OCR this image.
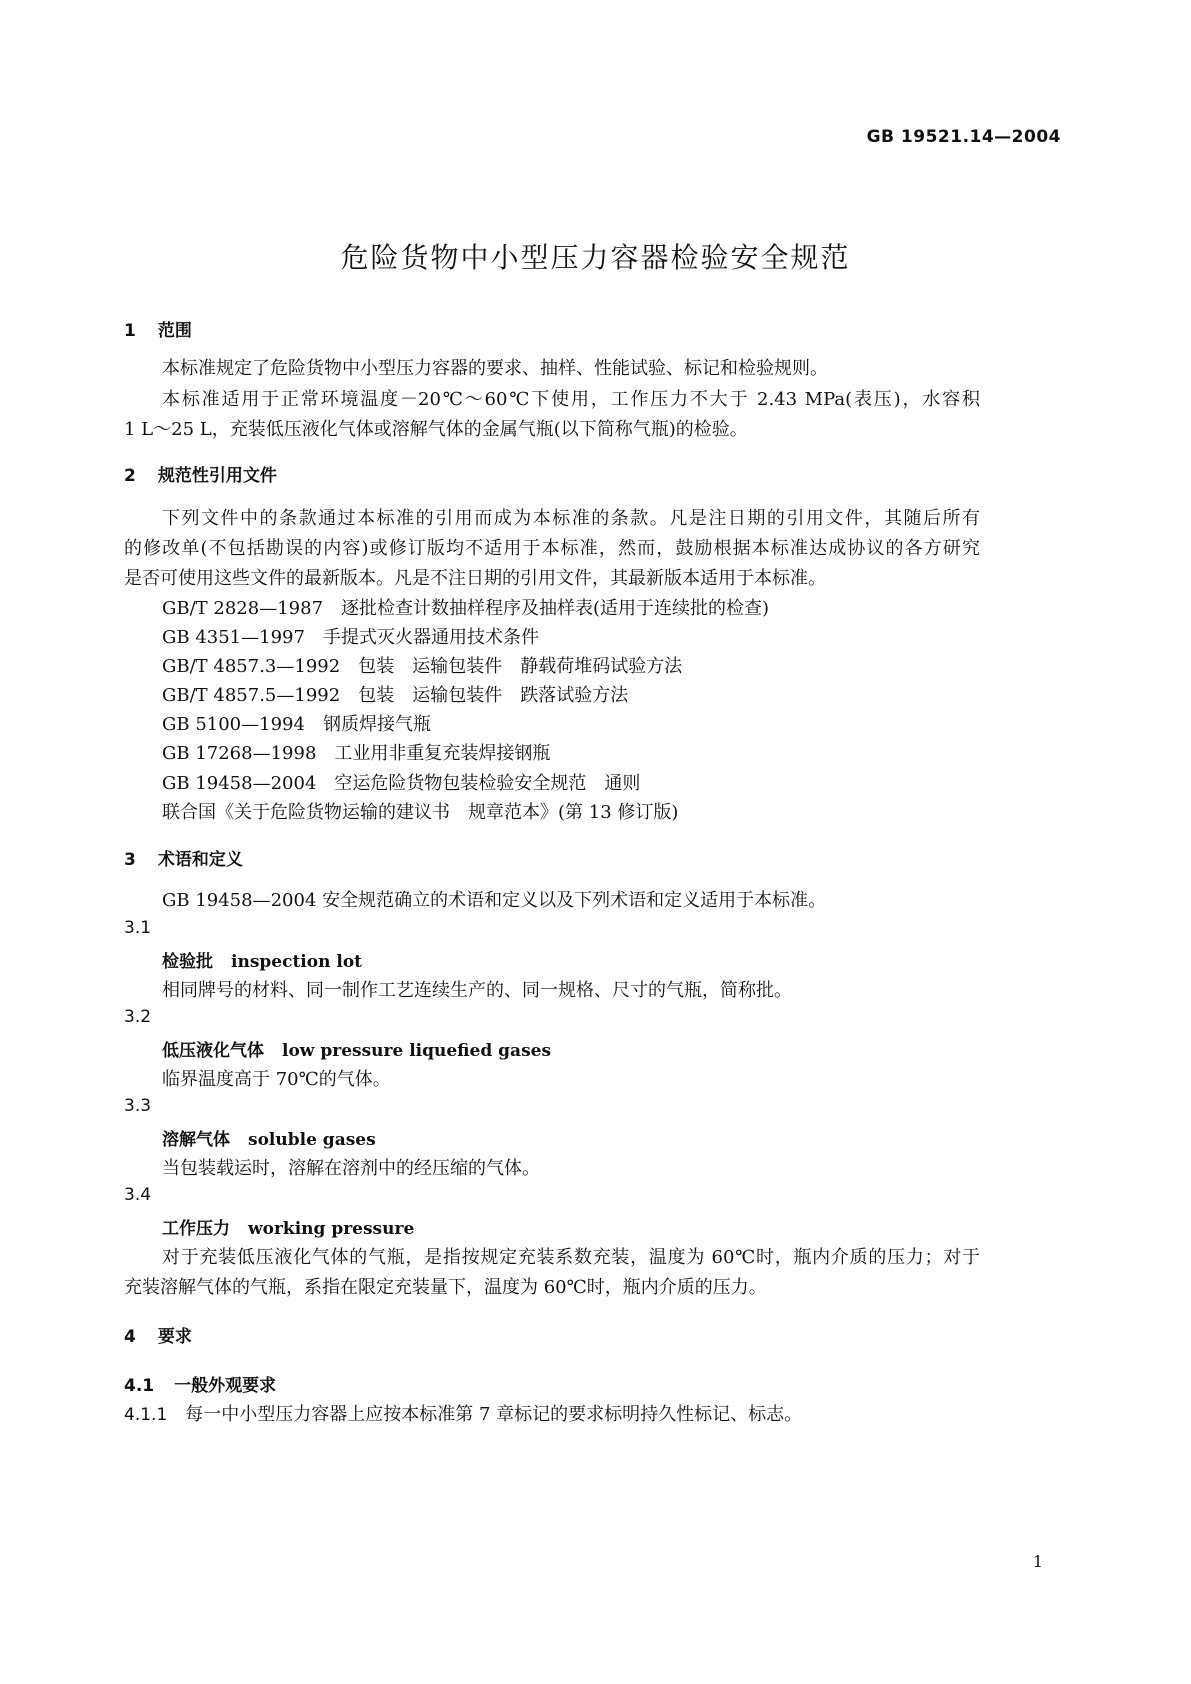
GB 19521.14—2004
危险货物中小型压力容器检验安全规范
1 范围
本标准规定了危险货物中小型压力容器的要求、抽样、性能试验、标记和检验规则。
本标准适用于正常环境温度－20℃～60℃下使用，工作压力不大于 2.43 MPa(表压)，水容积
1 L～25 L，充装低压液化气体或溶解气体的金属气瓶(以下简称气瓶)的检验。
2 规范性引用文件
下列文件中的条款通过本标准的引用而成为本标准的条款。凡是注日期的引用文件，其随后所有
的修改单(不包括勘误的内容)或修订版均不适用于本标准，然而，鼓励根据本标准达成协议的各方研究
是否可使用这些文件的最新版本。凡是不注日期的引用文件，其最新版本适用于本标准。
GB/T 2828—1987　逐批检查计数抽样程序及抽样表(适用于连续批的检查)
GB 4351—1997　手提式灭火器通用技术条件
GB/T 4857.3—1992　包装　运输包装件　静载荷堆码试验方法
GB/T 4857.5—1992　包装　运输包装件　跌落试验方法
GB 5100—1994　钢质焊接气瓶
GB 17268—1998　工业用非重复充装焊接钢瓶
GB 19458—2004　空运危险货物包装检验安全规范　通则
联合国《关于危险货物运输的建议书　规章范本》(第 13 修订版)
3 术语和定义
GB 19458—2004 安全规范确立的术语和定义以及下列术语和定义适用于本标准。
3.1
检验批 inspection lot
相同牌号的材料、同一制作工艺连续生产的、同一规格、尺寸的气瓶，简称批。
3.2
低压液化气体 low pressure liquefied gases
临界温度高于 70℃的气体。
3.3
溶解气体 soluble gases
当包装载运时，溶解在溶剂中的经压缩的气体。
3.4
工作压力 working pressure
对于充装低压液化气体的气瓶，是指按规定充装系数充装，温度为 60℃时，瓶内介质的压力；对于
充装溶解气体的气瓶，系指在限定充装量下，温度为 60℃时，瓶内介质的压力。
4 要求
4.1 一般外观要求
4.1.1 每一中小型压力容器上应按本标准第 7 章标记的要求标明持久性标记、标志。
1
